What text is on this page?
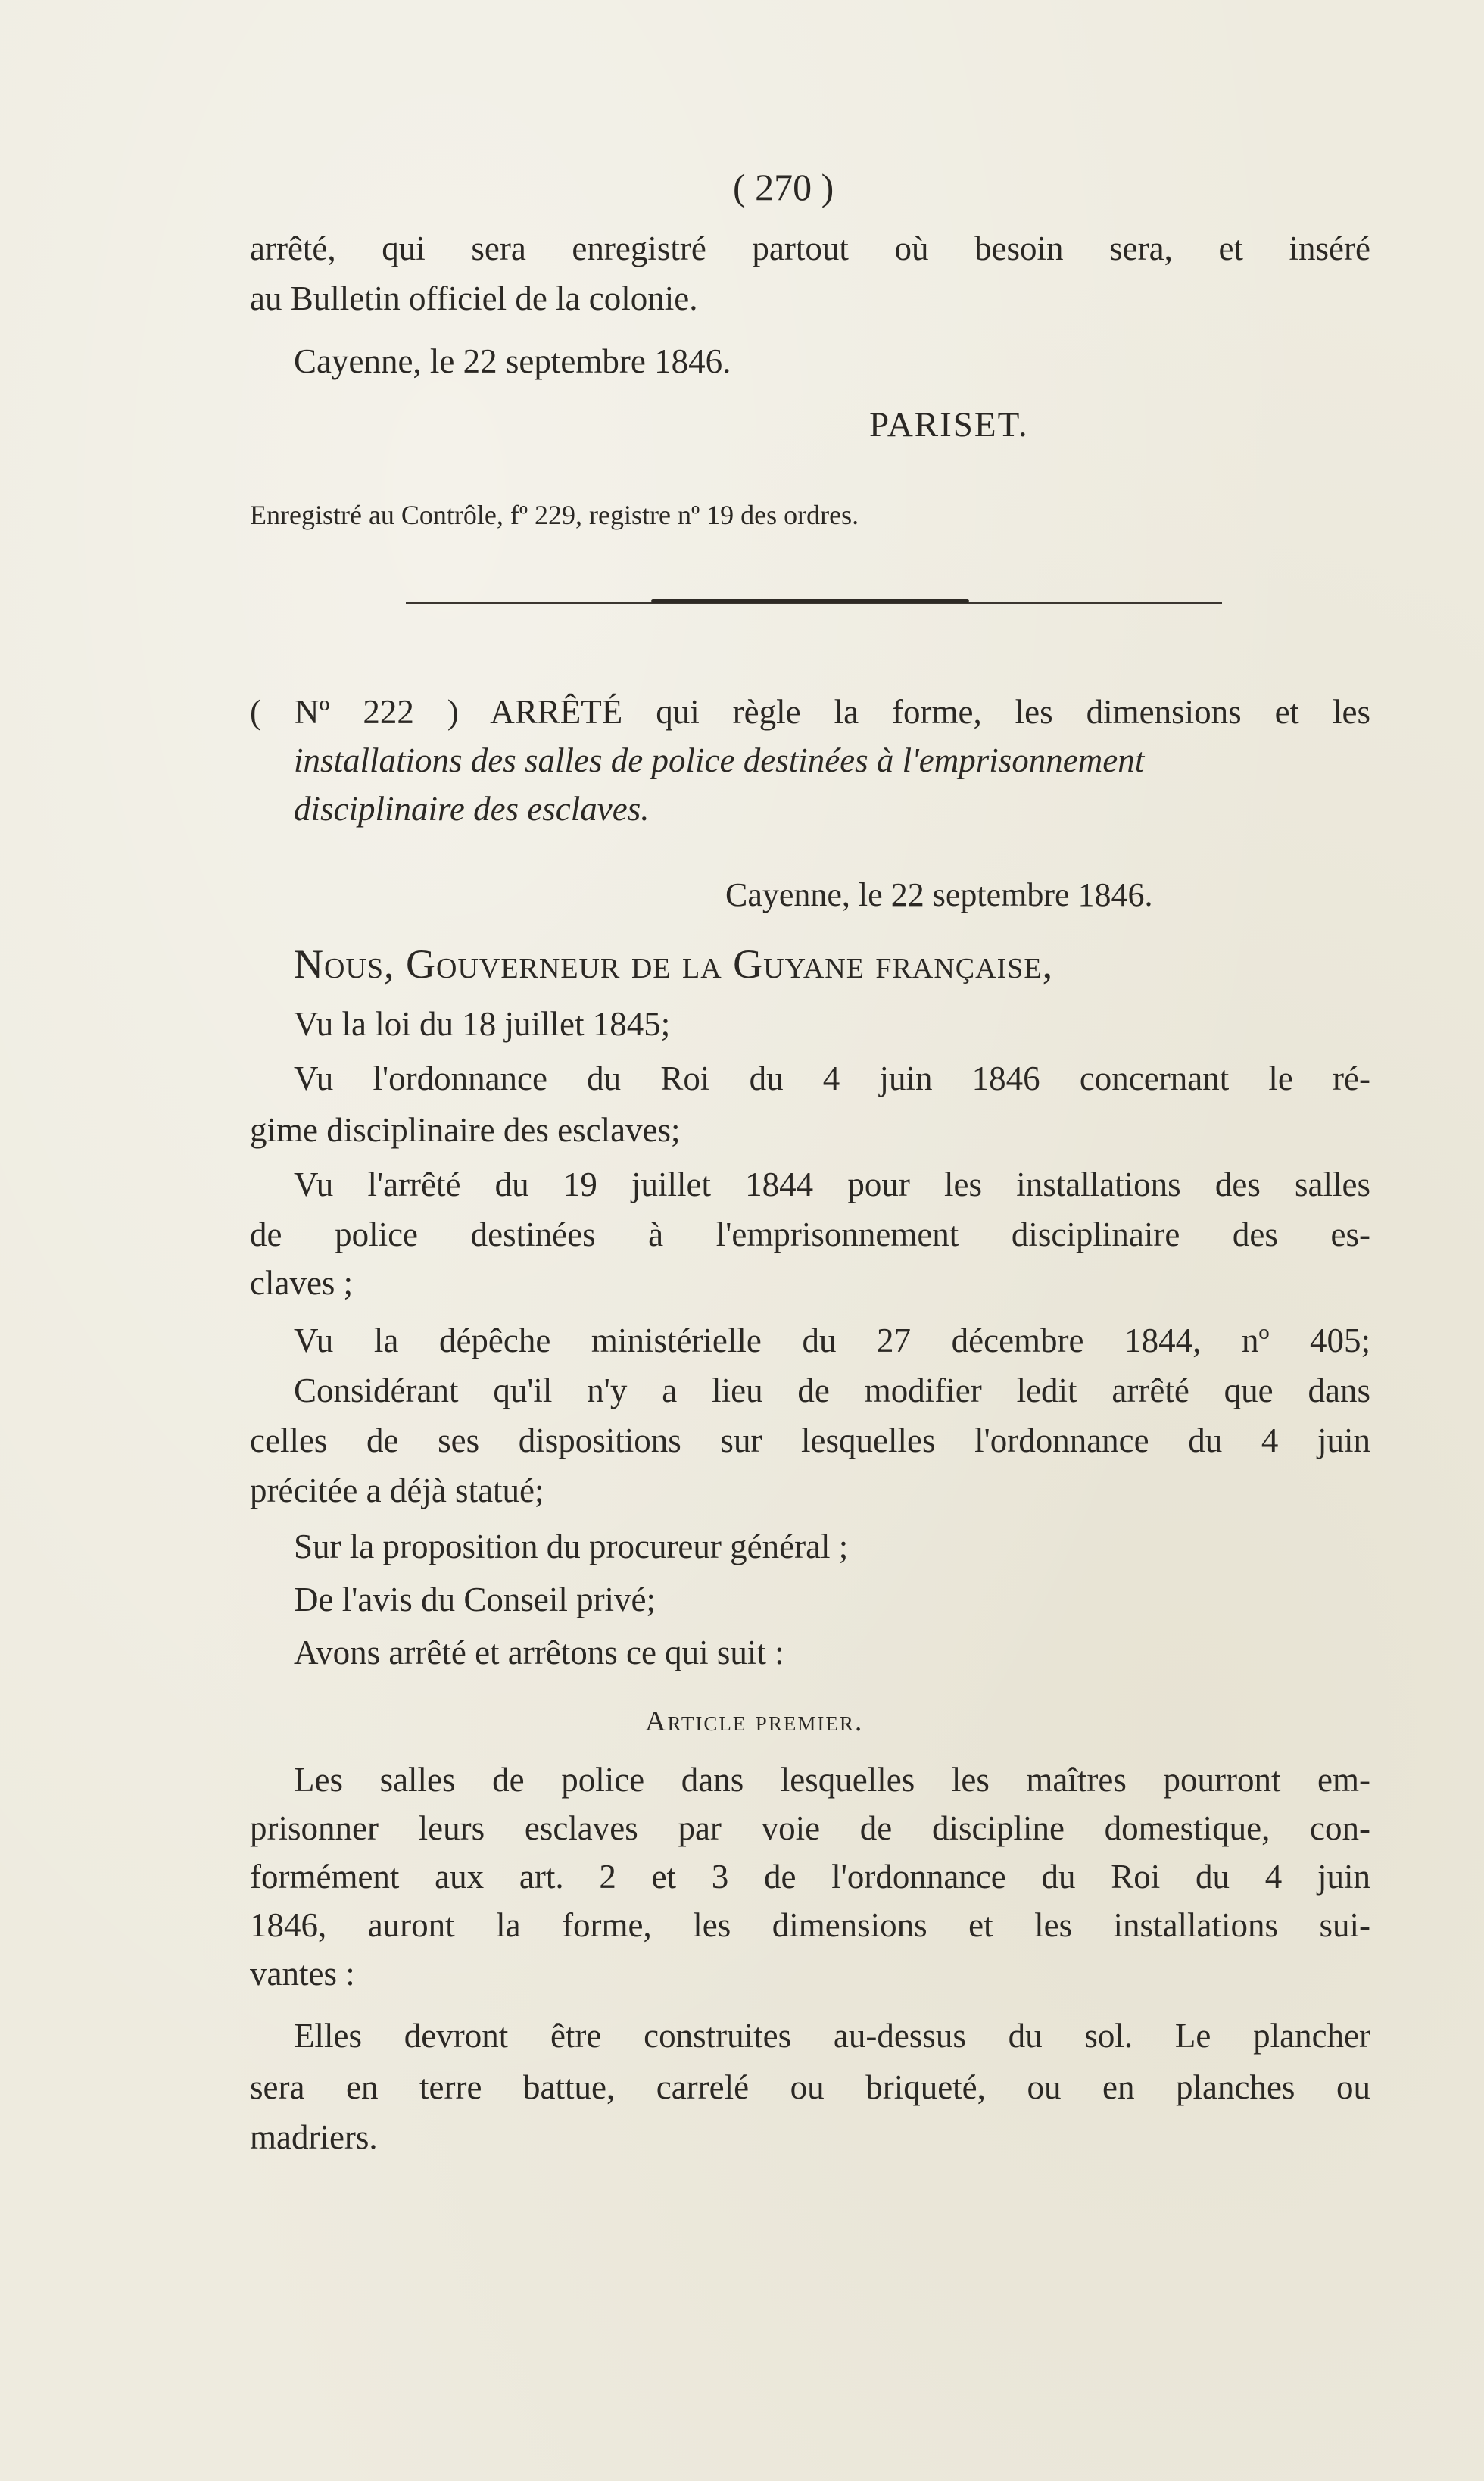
( 270 )
arrêté, qui sera enregistré partout où besoin sera, et inséré
au Bulletin officiel de la colonie.
Cayenne, le 22 septembre 1846.
PARISET.
Enregistré au Contrôle, fº 229, registre nº 19 des ordres.
( Nº 222 ) ARRÊTÉ qui règle la forme, les dimensions et les
installations des salles de police destinées à l'emprisonnement
disciplinaire des esclaves.
Cayenne, le 22 septembre 1846.
Nous, Gouverneur de la Guyane française,
Vu la loi du 18 juillet 1845;
Vu l'ordonnance du Roi du 4 juin 1846 concernant le ré-
gime disciplinaire des esclaves;
Vu l'arrêté du 19 juillet 1844 pour les installations des salles
de police destinées à l'emprisonnement disciplinaire des es-
claves ;
Vu la dépêche ministérielle du 27 décembre 1844, nº 405;
Considérant qu'il n'y a lieu de modifier ledit arrêté que dans
celles de ses dispositions sur lesquelles l'ordonnance du 4 juin
précitée a déjà statué;
Sur la proposition du procureur général ;
De l'avis du Conseil privé;
Avons arrêté et arrêtons ce qui suit :
Article premier.
Les salles de police dans lesquelles les maîtres pourront em-
prisonner leurs esclaves par voie de discipline domestique, con-
formément aux art. 2 et 3 de l'ordonnance du Roi du 4 juin
1846, auront la forme, les dimensions et les installations sui-
vantes :
Elles devront être construites au-dessus du sol. Le plancher
sera en terre battue, carrelé ou briqueté, ou en planches ou
madriers.
